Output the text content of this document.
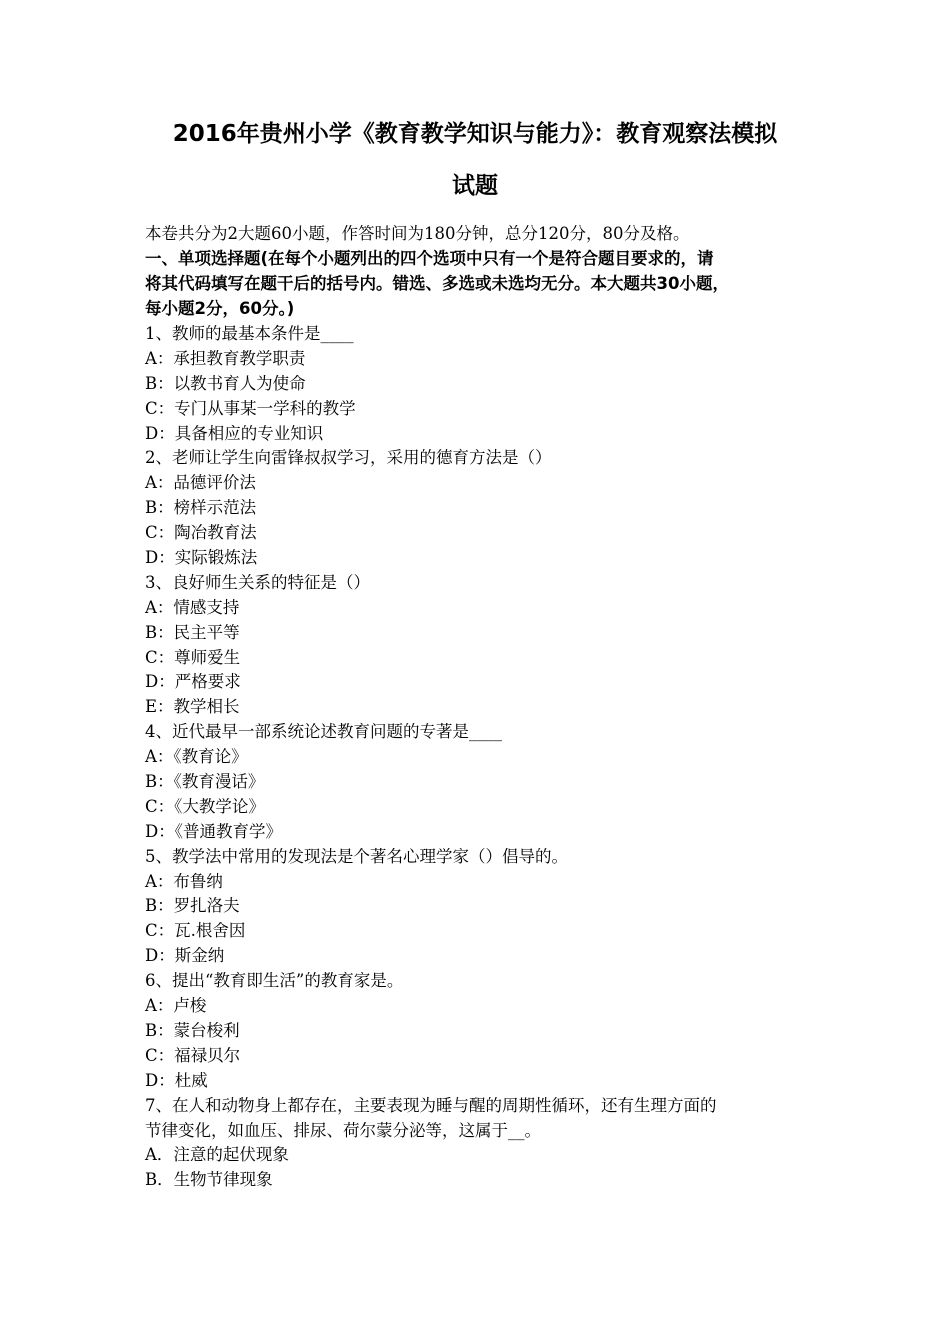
2016年贵州小学《教育教学知识与能力》：教育观察法模拟
试题
本卷共分为2大题60小题，作答时间为180分钟，总分120分，80分及格。
一、单项选择题(在每个小题列出的四个选项中只有一个是符合题目要求的，请
将其代码填写在题干后的括号内。错选、多选或未选均无分。本大题共30小题，
每小题2分，60分。)
1、教师的最基本条件是____
A：承担教育教学职责
B：以教书育人为使命
C：专门从事某一学科的教学
D：具备相应的专业知识
2、老师让学生向雷锋叔叔学习，采用的德育方法是（）
A：品德评价法
B：榜样示范法
C：陶冶教育法
D：实际锻炼法
3、良好师生关系的特征是（）
A：情感支持
B：民主平等
C：尊师爱生
D：严格要求
E：教学相长
4、近代最早一部系统论述教育问题的专著是____
A：《教育论》
B：《教育漫话》
C：《大教学论》
D：《普通教育学》
5、教学法中常用的发现法是个著名心理学家（）倡导的。
A：布鲁纳
B：罗扎洛夫
C：瓦.根舍因
D：斯金纳
6、提出“教育即生活”的教育家是。
A：卢梭
B：蒙台梭利
C：福禄贝尔
D：杜威
7、在人和动物身上都存在，主要表现为睡与醒的周期性循环，还有生理方面的
节律变化，如血压、排尿、荷尔蒙分泌等，这属于__。
A．注意的起伏现象
B．生物节律现象
